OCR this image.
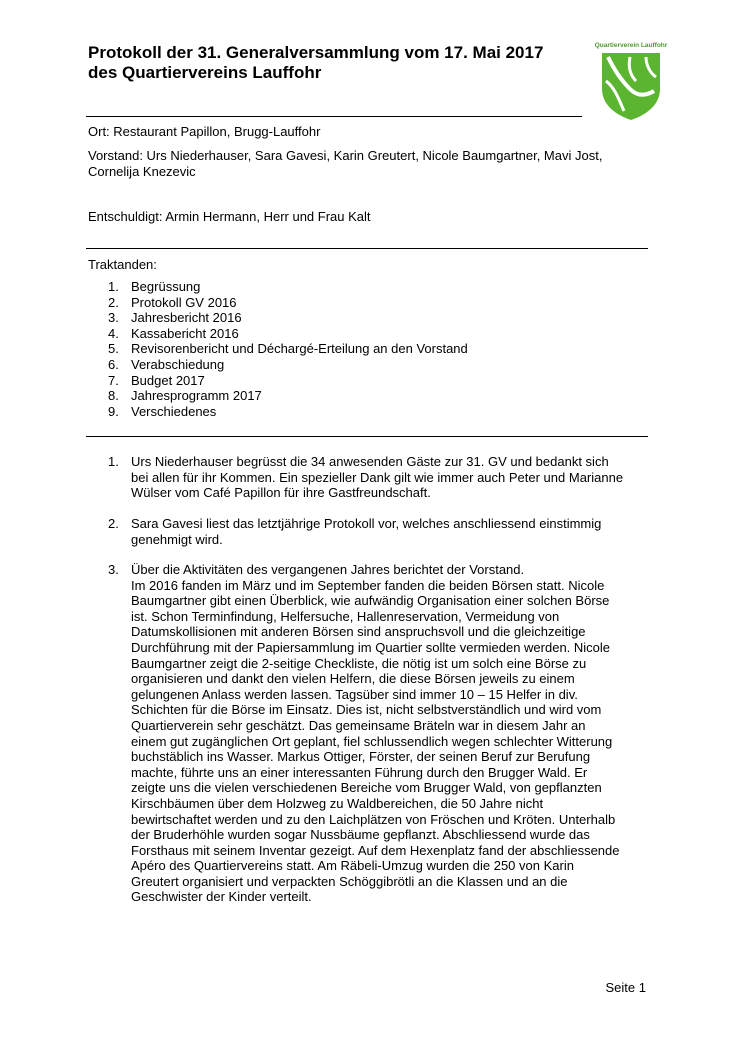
Protokoll der 31. Generalversammlung vom 17. Mai 2017
des Quartiervereins Lauffohr
Quartierverein Lauffohr
Ort: Restaurant Papillon, Brugg-Lauffohr
Vorstand: Urs Niederhauser, Sara Gavesi, Karin Greutert, Nicole Baumgartner, Mavi Jost,
Cornelija Knezevic
Entschuldigt: Armin Hermann, Herr und Frau Kalt
Traktanden:
1. Begrüssung
2. Protokoll GV 2016
3. Jahresbericht 2016
4. Kassabericht 2016
5. Revisorenbericht und Déchargé-Erteilung an den Vorstand
6. Verabschiedung
7. Budget 2017
8. Jahresprogramm 2017
9. Verschiedenes
1. Urs Niederhauser begrüsst die 34 anwesenden Gäste zur 31. GV und bedankt sich
bei allen für ihr Kommen. Ein spezieller Dank gilt wie immer auch Peter und Marianne
Wülser vom Café Papillon für ihre Gastfreundschaft.
2. Sara Gavesi liest das letztjährige Protokoll vor, welches anschliessend einstimmig
genehmigt wird.
3. Über die Aktivitäten des vergangenen Jahres berichtet der Vorstand.
Im 2016 fanden im März und im September fanden die beiden Börsen statt. Nicole
Baumgartner gibt einen Überblick, wie aufwändig Organisation einer solchen Börse
ist. Schon Terminfindung, Helfersuche, Hallenreservation, Vermeidung von
Datumskollisionen mit anderen Börsen sind anspruchsvoll und die gleichzeitige
Durchführung mit der Papiersammlung im Quartier sollte vermieden werden. Nicole
Baumgartner zeigt die 2-seitige Checkliste, die nötig ist um solch eine Börse zu
organisieren und dankt den vielen Helfern, die diese Börsen jeweils zu einem
gelungenen Anlass werden lassen. Tagsüber sind immer 10 – 15 Helfer in div.
Schichten für die Börse im Einsatz. Dies ist, nicht selbstverständlich und wird vom
Quartierverein sehr geschätzt. Das gemeinsame Bräteln war in diesem Jahr an
einem gut zugänglichen Ort geplant, fiel schlussendlich wegen schlechter Witterung
buchstäblich ins Wasser. Markus Ottiger, Förster, der seinen Beruf zur Berufung
machte, führte uns an einer interessanten Führung durch den Brugger Wald. Er
zeigte uns die vielen verschiedenen Bereiche vom Brugger Wald, von gepflanzten
Kirschbäumen über dem Holzweg zu Waldbereichen, die 50 Jahre nicht
bewirtschaftet werden und zu den Laichplätzen von Fröschen und Kröten. Unterhalb
der Bruderhöhle wurden sogar Nussbäume gepflanzt. Abschliessend wurde das
Forsthaus mit seinem Inventar gezeigt. Auf dem Hexenplatz fand der abschliessende
Apéro des Quartiervereins statt. Am Räbeli-Umzug wurden die 250 von Karin
Greutert organisiert und verpackten Schöggibrötli an die Klassen und an die
Geschwister der Kinder verteilt.
Seite 1
